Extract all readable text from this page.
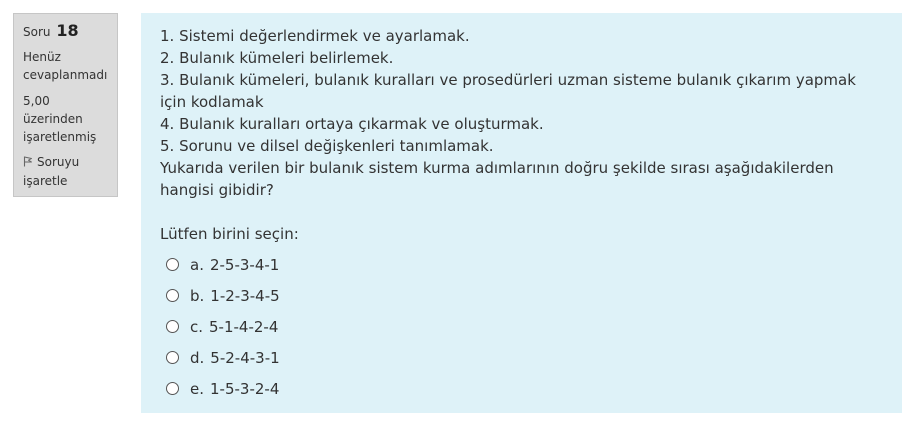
Soru 18
Henüz
cevaplanmadı
5,00
üzerinden
işaretlenmiş
Soruyu
işaretle

1. Sistemi değerlendirmek ve ayarlamak.

2. Bulanık kümeleri belirlemek.

3. Bulanık kümeleri, bulanık kuralları ve prosedürleri uzman sisteme bulanık çıkarım yapmak için kodlamak

4. Bulanık kuralları ortaya çıkarmak ve oluşturmak.

5. Sorunu ve dilsel değişkenleri tanımlamak.

Yukarıda verilen bir bulanık sistem kurma adımlarının doğru şekilde sırası aşağıdakilerden hangisi gibidir?

Lütfen birini seçin:
a. 2-5-3-4-1
b. 1-2-3-4-5
c. 5-1-4-2-4
d. 5-2-4-3-1
e. 1-5-3-2-4
